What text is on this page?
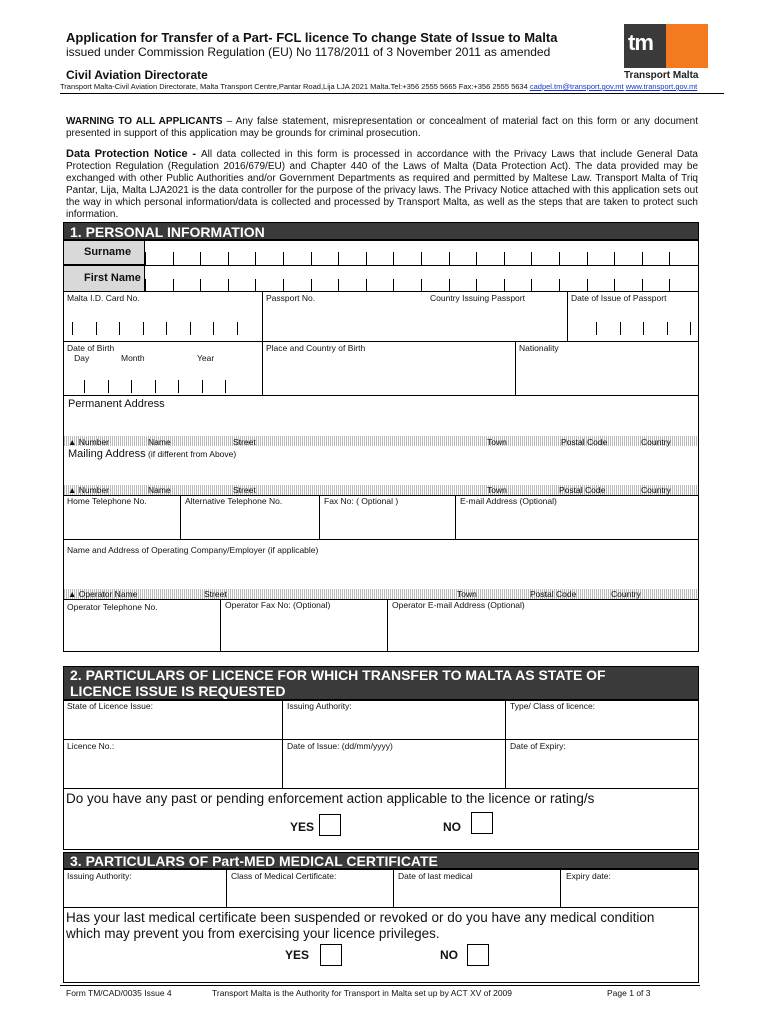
Application for Transfer of a Part- FCL licence To change State of Issue to Malta
issued under Commission Regulation (EU) No 1178/2011 of 3 November 2011 as amended
Civil Aviation Directorate
tm
Transport Malta
Transport Malta-Civil Aviation Directorate, Malta Transport Centre,Pantar Road,Lija LJA 2021 Malta.Tel:+356 2555 5665 Fax:+356 2555 5634 cadpel.tm@transport.gov.mt www.transport.gov.mt
WARNING TO ALL APPLICANTS – Any false statement, misrepresentation or concealment of material fact on this form or any document presented in support of this application may be grounds for criminal prosecution.
Data Protection Notice - All data collected in this form is processed in accordance with the Privacy Laws that include General Data Protection Regulation (Regulation 2016/679/EU) and Chapter 440 of the Laws of Malta (Data Protection Act). The data provided may be exchanged with other Public Authorities and/or Government Departments as required and permitted by Maltese Law. Transport Malta of Triq Pantar, Lija, Malta LJA2021 is the data controller for the purpose of the privacy laws. The Privacy Notice attached with this application sets out the way in which personal information/data is collected and processed by Transport Malta, as well as the steps that are taken to protect such information.
1. PERSONAL INFORMATION
Surname
First Name
Malta I.D. Card No.	Passport No.	Country Issuing Passport	Date of Issue of Passport
Date of Birth
Day	Month	Year
Place and Country of Birth	Nationality
Permanent Address
▲ Number	Name	Street	Town	Postal Code	Country
Mailing Address (if different from Above)
▲ Number	Name	Street	Town	Postal Code	Country
Home Telephone No.	Alternative Telephone No.	Fax No: ( Optional )	E-mail Address (Optional)
Name and Address of Operating Company/Employer (if applicable)
▲ Operator Name	Street	Town	Postal Code	Country
Operator Telephone No.	Operator Fax No: (Optional)	Operator E-mail Address (Optional)
2. PARTICULARS OF LICENCE FOR WHICH TRANSFER TO MALTA AS STATE OF
LICENCE ISSUE IS REQUESTED
State of Licence Issue:	Issuing Authority:	Type/ Class of licence:
Licence No.:	Date of Issue: (dd/mm/yyyy)	Date of Expiry:
Do you have any past or pending enforcement action applicable to the licence or rating/s
YES	NO
3. PARTICULARS OF Part-MED MEDICAL CERTIFICATE
Issuing Authority:	Class of Medical Certificate:	Date of last medical	Expiry date:
Has your last medical certificate been suspended or revoked or do you have any medical condition
which may prevent you from exercising your licence privileges.
YES	NO
Form TM/CAD/0035 Issue 4	Transport Malta is the Authority for Transport in Malta set up by ACT XV of 2009	Page 1 of 3
